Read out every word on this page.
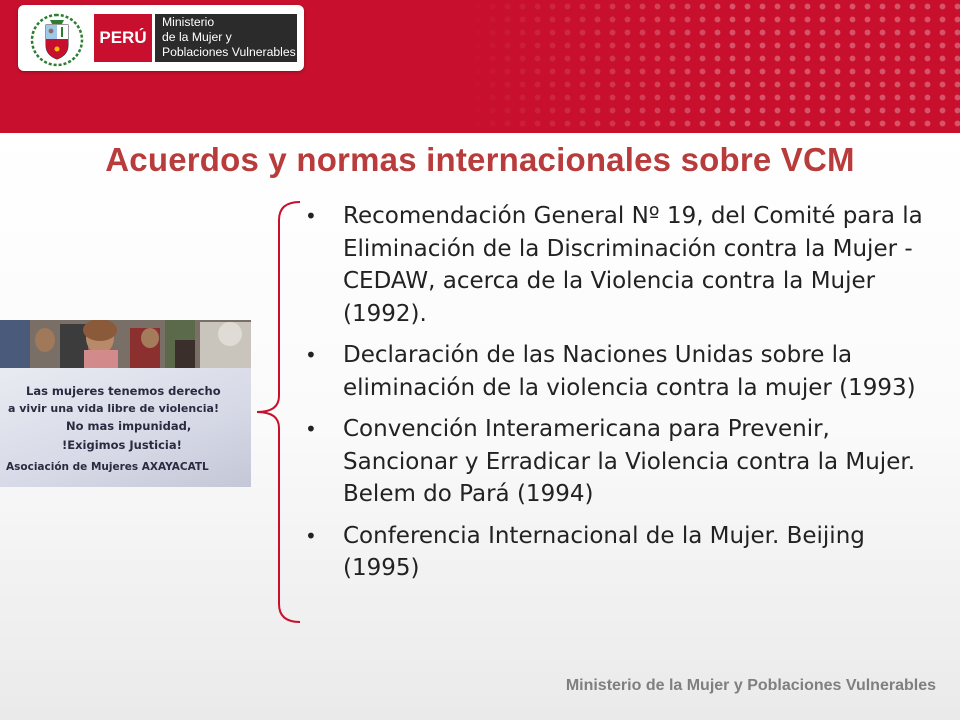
PERÚ
Ministerio
de la Mujer y
Poblaciones Vulnerables
Acuerdos y normas internacionales sobre VCM
Las mujeres tenemos derecho
a vivir una vida libre de violencia!
No mas impunidad,
!Exigimos Justicia!
Asociación de Mujeres AXAYACATL
• Recomendación General Nº 19, del Comité para la Eliminación de la Discriminación contra la Mujer - CEDAW, acerca de la Violencia contra la Mujer (1992).
• Declaración de las Naciones Unidas sobre la eliminación de la violencia contra la mujer (1993)
• Convención Interamericana para Prevenir, Sancionar y Erradicar la Violencia contra la Mujer. Belem do Pará (1994)
• Conferencia Internacional de la Mujer. Beijing (1995)
Ministerio de la Mujer y Poblaciones Vulnerables
